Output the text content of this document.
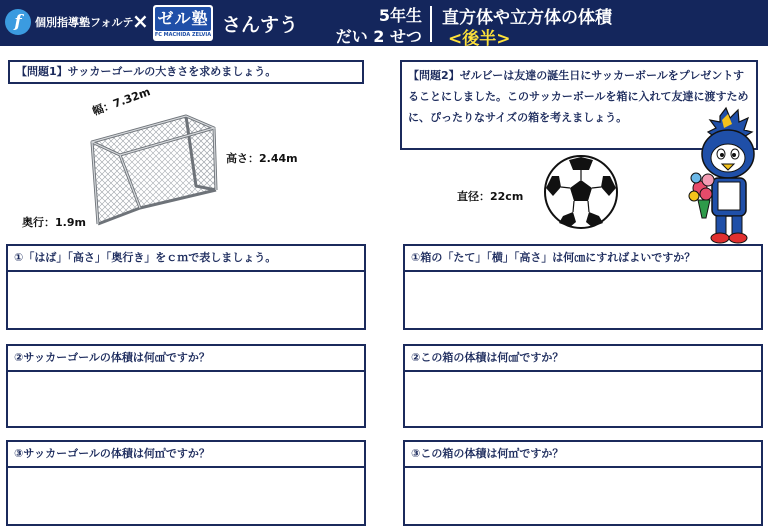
f	個別指導塾フォルテ
× ゼル塾
FC MACHIDA ZELVIA さんすう	5年生
だい 2 せつ
直方体や立方体の体積
<後半>
【問題1】サッカーゴールの大きさを求めましょう。
幅：7.32m
高さ：2.44m
奥行：1.9m
【問題2】ゼルビーは友達の誕生日にサッカーボールをプレゼントすることにしました。このサッカーボールを箱に入れて友達に渡すために、ぴったりなサイズの箱を考えましょう。
直径：22cm
①「はば」「高さ」「奥行き」をｃｍで表しましょう。
②サッカーゴールの体積は何㎤ですか？
③サッカーゴールの体積は何㎥ですか？
①箱の「たて」「横」「高さ」は何㎝にすればよいですか？
②この箱の体積は何㎤ですか？
③この箱の体積は何㎥ですか？
